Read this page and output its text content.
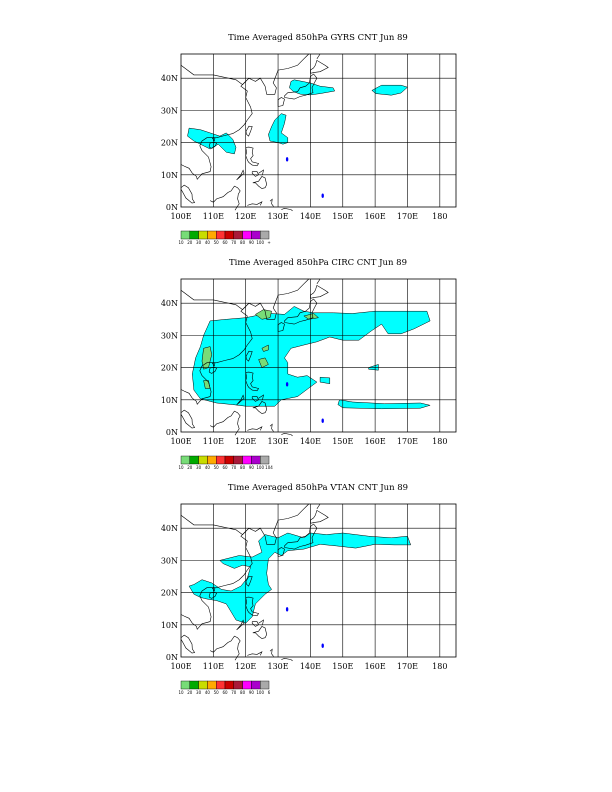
Time Averaged 850hPa GYRS CNT Jun 89
Time Averaged 850hPa CIRC CNT Jun 89
Time Averaged 850hPa VTAN CNT Jun 89
0N
10N
20N
30N
40N
100E 110E 120E 130E 140E 150E 160E 170E 180
10 20 30 40 50 60 70 80 90 100 +
0N
10N
20N
30N
40N
100E 110E 120E 130E 140E 150E 160E 170E 180
10 20 30 40 50 60 70 80 90 100 104
0N
10N
20N
30N
40N
100E 110E 120E 130E 140E 150E 160E 170E 180
10 20 30 40 50 60 70 80 90 100 6
